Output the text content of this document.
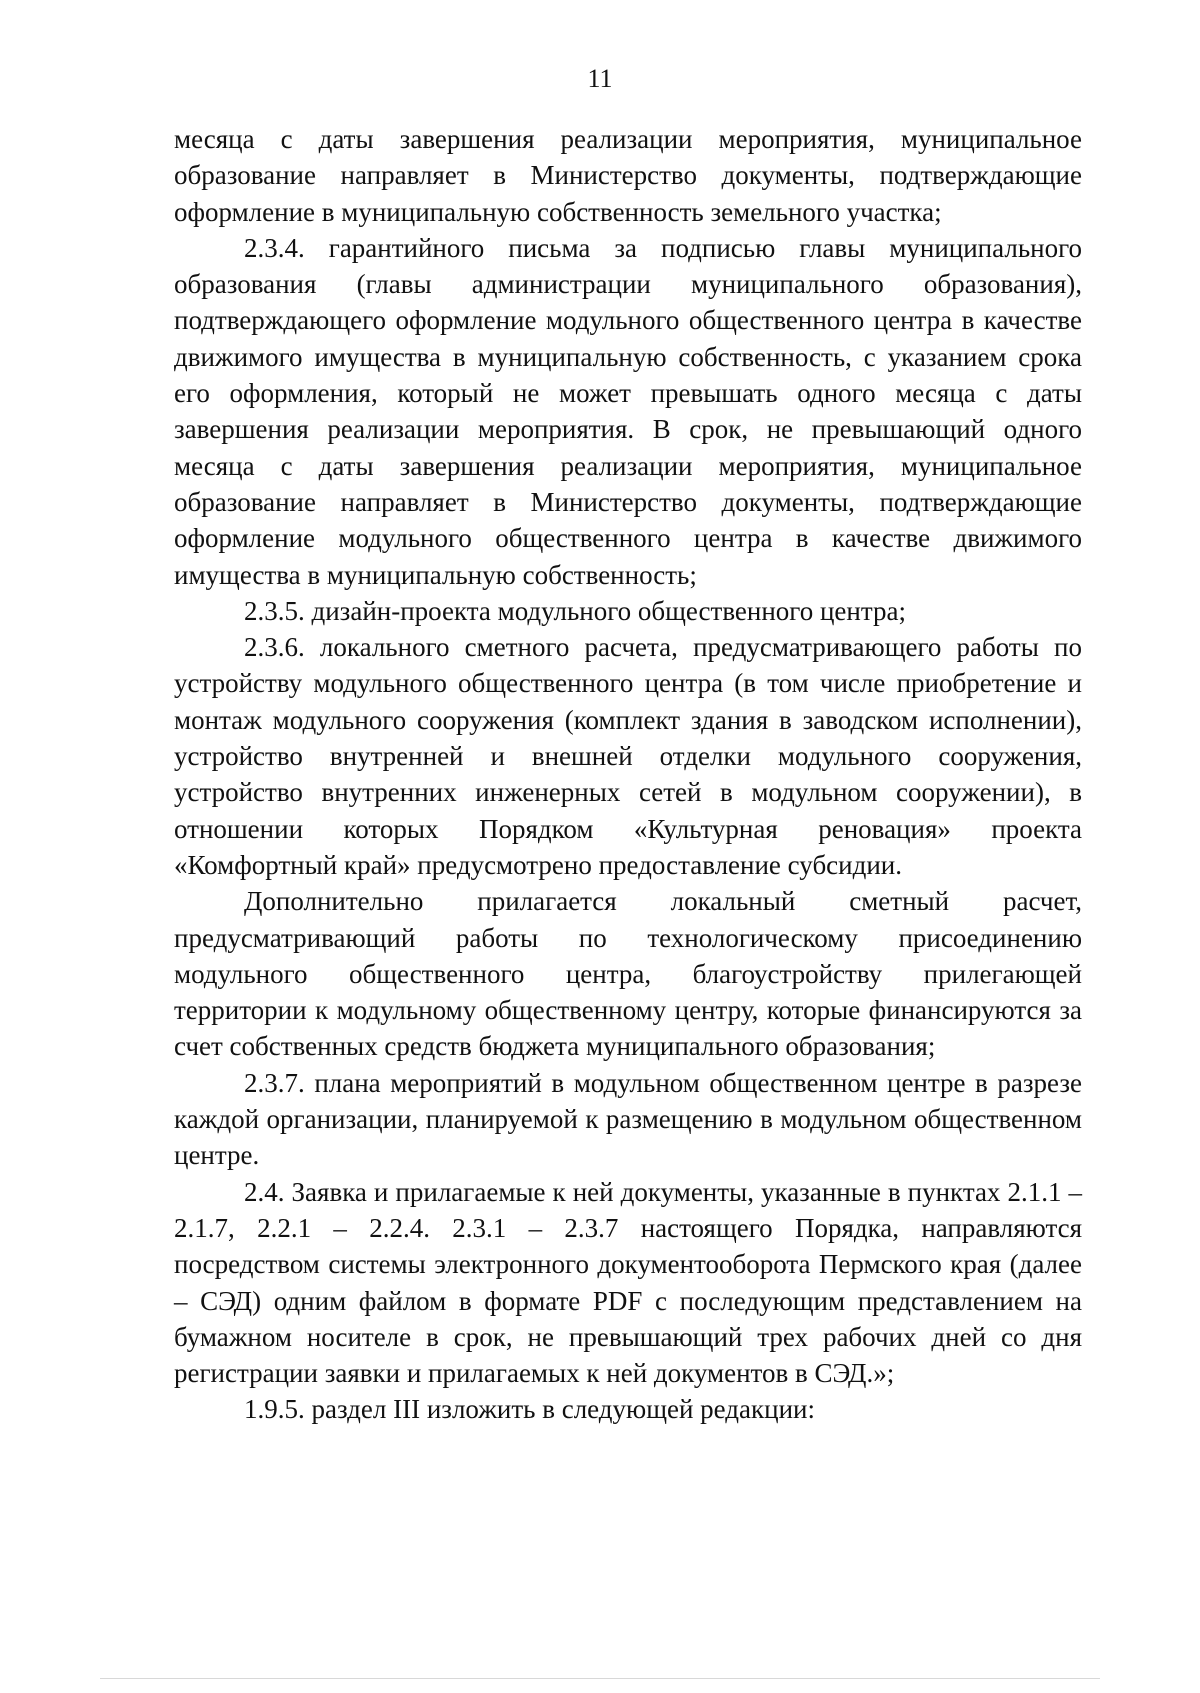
11

месяца с даты завершения реализации мероприятия, муниципальное образование направляет в Министерство документы, подтверждающие оформление в муниципальную собственность земельного участка;

2.3.4. гарантийного письма за подписью главы муниципального образования (главы администрации муниципального образования), подтверждающего оформление модульного общественного центра в качестве движимого имущества в муниципальную собственность, с указанием срока его оформления, который не может превышать одного месяца с даты завершения реализации мероприятия. В срок, не превышающий одного месяца с даты завершения реализации мероприятия, муниципальное образование направляет в Министерство документы, подтверждающие оформление модульного общественного центра в качестве движимого имущества в муниципальную собственность;

2.3.5. дизайн-проекта модульного общественного центра;

2.3.6. локального сметного расчета, предусматривающего работы по устройству модульного общественного центра (в том числе приобретение и монтаж модульного сооружения (комплект здания в заводском исполнении), устройство внутренней и внешней отделки модульного сооружения, устройство внутренних инженерных сетей в модульном сооружении), в отношении которых Порядком «Культурная реновация» проекта «Комфортный край» предусмотрено предоставление субсидии.

Дополнительно прилагается локальный сметный расчет, предусматривающий работы по технологическому присоединению модульного общественного центра, благоустройству прилегающей территории к модульному общественному центру, которые финансируются за счет собственных средств бюджета муниципального образования;

2.3.7. плана мероприятий в модульном общественном центре в разрезе каждой организации, планируемой к размещению в модульном общественном центре.

2.4. Заявка и прилагаемые к ней документы, указанные в пунктах 2.1.1 – 2.1.7, 2.2.1 – 2.2.4. 2.3.1 – 2.3.7 настоящего Порядка, направляются посредством системы электронного документооборота Пермского края (далее – СЭД) одним файлом в формате PDF с последующим представлением на бумажном носителе в срок, не превышающий трех рабочих дней со дня регистрации заявки и прилагаемых к ней документов в СЭД.»;

1.9.5. раздел III изложить в следующей редакции:
